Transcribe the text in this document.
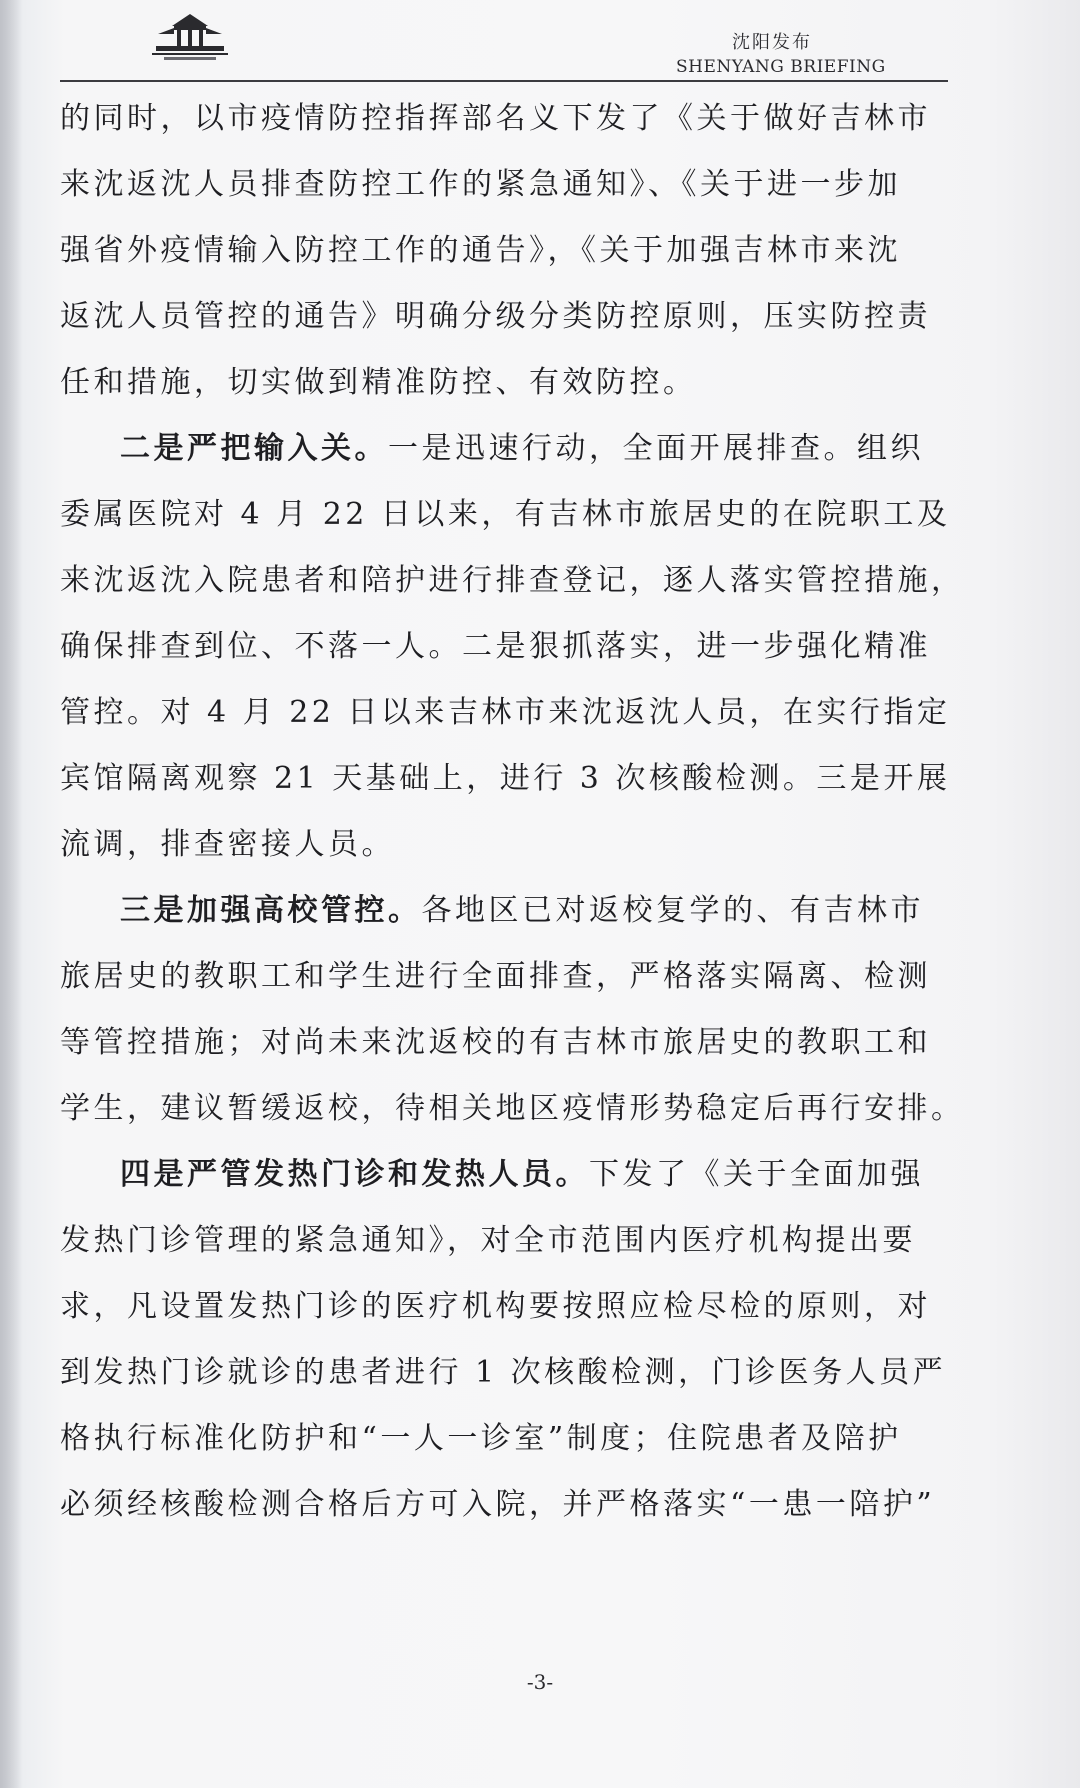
沈阳发布
SHENYANG BRIEFING
的同时，以市疫情防控指挥部名义下发了《关于做好吉林市
来沈返沈人员排查防控工作的紧急通知》、《关于进一步加
强省外疫情输入防控工作的通告》，《关于加强吉林市来沈
返沈人员管控的通告》明确分级分类防控原则，压实防控责
任和措施，切实做到精准防控、有效防控。
二是严把输入关。一是迅速行动，全面开展排查。组织
委属医院对 4 月 22 日以来，有吉林市旅居史的在院职工及
来沈返沈入院患者和陪护进行排查登记，逐人落实管控措施，
确保排查到位、不落一人。二是狠抓落实，进一步强化精准
管控。对 4 月 22 日以来吉林市来沈返沈人员，在实行指定
宾馆隔离观察 21 天基础上，进行 3 次核酸检测。三是开展
流调，排查密接人员。
三是加强高校管控。各地区已对返校复学的、有吉林市
旅居史的教职工和学生进行全面排查，严格落实隔离、检测
等管控措施；对尚未来沈返校的有吉林市旅居史的教职工和
学生，建议暂缓返校，待相关地区疫情形势稳定后再行安排。
四是严管发热门诊和发热人员。下发了《关于全面加强
发热门诊管理的紧急通知》，对全市范围内医疗机构提出要
求，凡设置发热门诊的医疗机构要按照应检尽检的原则，对
到发热门诊就诊的患者进行 1 次核酸检测，门诊医务人员严
格执行标准化防护和“一人一诊室”制度；住院患者及陪护
必须经核酸检测合格后方可入院，并严格落实“一患一陪护”
-3-
